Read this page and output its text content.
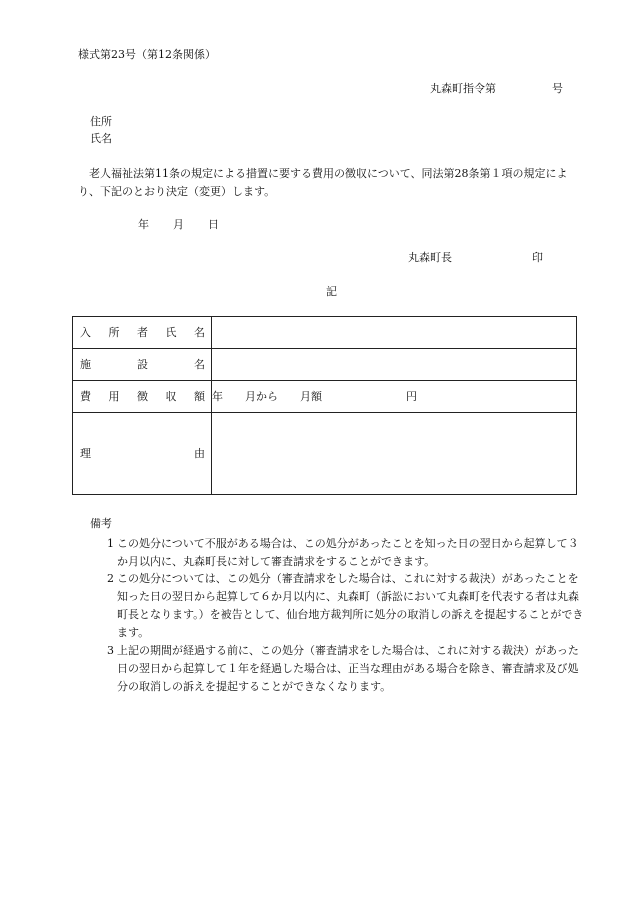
様式第23号（第12条関係）
丸森町指令第	号
住所
氏名
老人福祉法第11条の規定による措置に要する費用の徴収について、同法第28条第１項の規定により、下記のとおり決定（変更）します。
年 月 日
丸森町長	印
記
入 所 者 氏 名	

施 設 名	

費 用 徴 収 額	年 月から 月額 円

理 由	

備考
1 この処分について不服がある場合は、この処分があったことを知った日の翌日から起算して３か月以内に、丸森町長に対して審査請求をすることができます。
2 この処分については、この処分（審査請求をした場合は、これに対する裁決）があったことを知った日の翌日から起算して６か月以内に、丸森町（訴訟において丸森町を代表する者は丸森町長となります。）を被告として、仙台地方裁判所に処分の取消しの訴えを提起することができます。
3 上記の期間が経過する前に、この処分（審査請求をした場合は、これに対する裁決）があった日の翌日から起算して１年を経過した場合は、正当な理由がある場合を除き、審査請求及び処分の取消しの訴えを提起することができなくなります。
